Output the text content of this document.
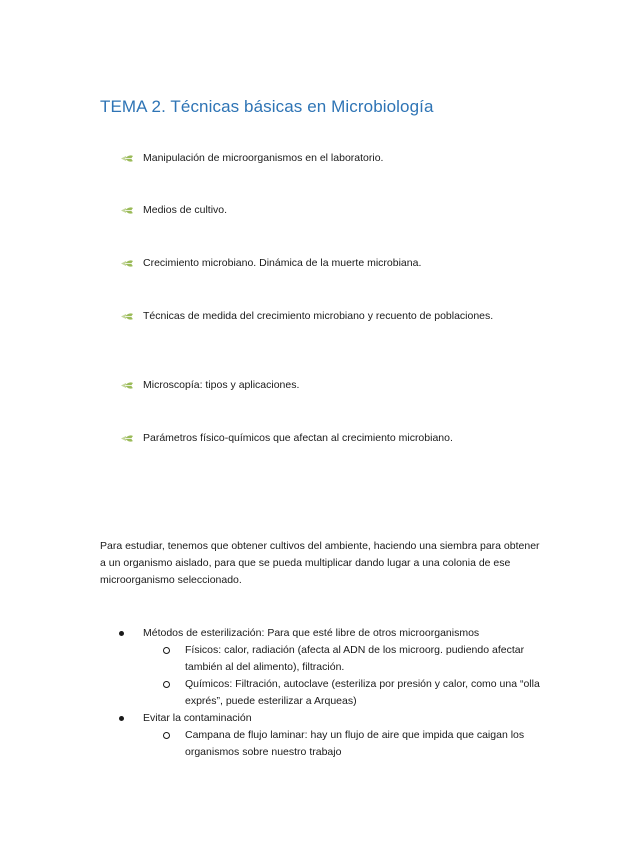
TEMA 2. Técnicas básicas en Microbiología
Manipulación de microorganismos en el laboratorio.
Medios de cultivo.
Crecimiento microbiano. Dinámica de la muerte microbiana.
Técnicas de medida del crecimiento microbiano y recuento de poblaciones.
Microscopía: tipos y aplicaciones.
Parámetros físico-químicos que afectan al crecimiento microbiano.
Para estudiar, tenemos que obtener cultivos del ambiente, haciendo una siembra para obtener a un organismo aislado, para que se pueda multiplicar dando lugar a una colonia de ese microorganismo seleccionado.
Métodos de esterilización: Para que esté libre de otros microorganismos
Físicos: calor, radiación (afecta al ADN de los microorg. pudiendo afectar también al del alimento), filtración.
Químicos: Filtración, autoclave (esteriliza por presión y calor, como una “olla exprés”, puede esterilizar a Arqueas)
Evitar la contaminación
Campana de flujo laminar: hay un flujo de aire que impida que caigan los organismos sobre nuestro trabajo
